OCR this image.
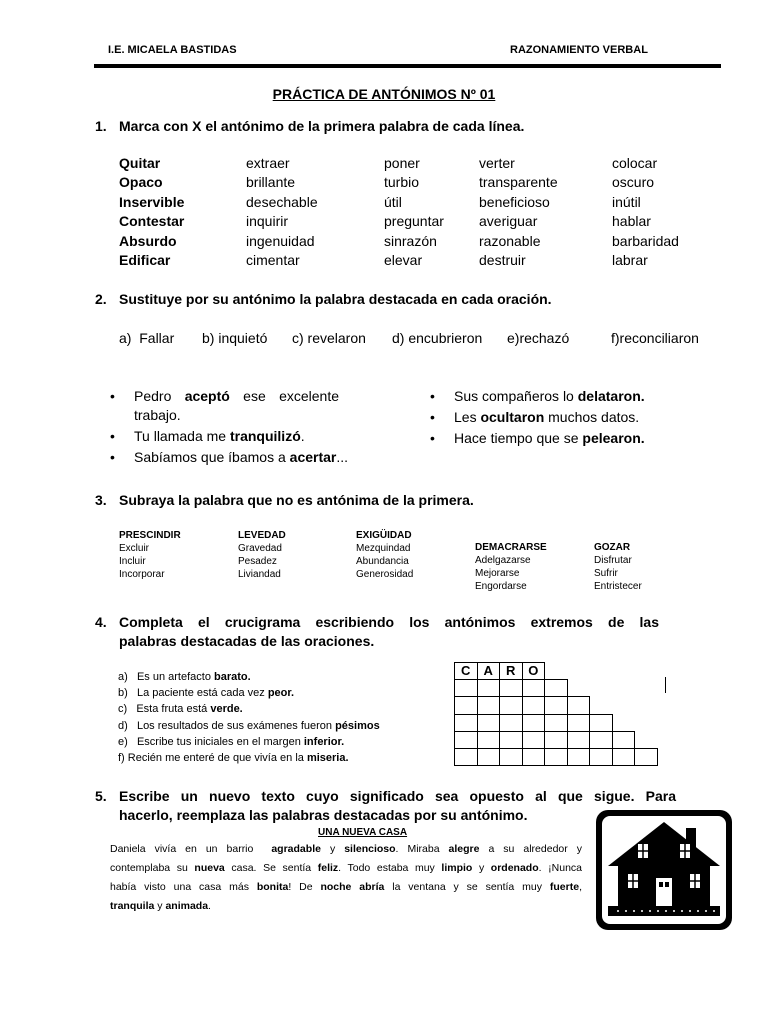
I.E. MICAELA BASTIDAS	RAZONAMIENTO VERBAL
PRÁCTICA DE ANTÓNIMOS Nº 01
1. Marca con X el antónimo de la primera palabra de cada línea.
Quitar	extraer	poner	verter	colocar
Opaco	brillante	turbio	transparente	oscuro
Inservible	desechable	útil	beneficioso	inútil
Contestar	inquirir	preguntar	averiguar	hablar
Absurdo	ingenuidad	sinrazón	razonable	barbaridad
Edificar	cimentar	elevar	destruir	labrar
2. Sustituye por su antónimo la palabra destacada en cada oración.
a)  Fallar b) inquietó c) revelaron d) encubrieron e)rechazó	f)reconciliaron
• Pedro aceptó ese excelente
trabajo.
• Tu llamada me tranquilizó.
• Sabíamos que íbamos a acertar...
• Sus compañeros lo delataron.
• Les ocultaron muchos datos.
• Hace tiempo que se pelearon.
3. Subraya la palabra que no es antónima de la primera.
PRESCINDIR
Excluir
Incluir
Incorporar
LEVEDAD
Gravedad
Pesadez
Liviandad
EXIGÜIDAD
Mezquindad
Abundancia
Generosidad
DEMACRARSE
Adelgazarse
Mejorarse
Engordarse
GOZAR
Disfrutar
Sufrir
Entristecer
4. Completa el crucigrama escribiendo los antónimos extremos de las
palabras destacadas de las oraciones.
a)   Es un artefacto barato.
b)   La paciente está cada vez peor.
c)   Esta fruta está verde.
d)   Los resultados de sus exámenes fueron pésimos
e)   Escribe tus iniciales en el margen inferior.
f) Recién me enteré de que vivía en la miseria.
C	A	R O
5. Escribe un nuevo texto cuyo significado sea opuesto al que sigue. Para
hacerlo, reemplaza las palabras destacadas por su antónimo.
UNA NUEVA CASA
Daniela vivía en un barrio  agradable y silencioso. Miraba alegre a su alrededor y
contemplaba su nueva casa. Se sentía feliz. Todo estaba muy limpio y ordenado. ¡Nunca
había visto una casa más bonita! De noche abría la ventana y se sentía muy fuerte,
tranquila y animada.
